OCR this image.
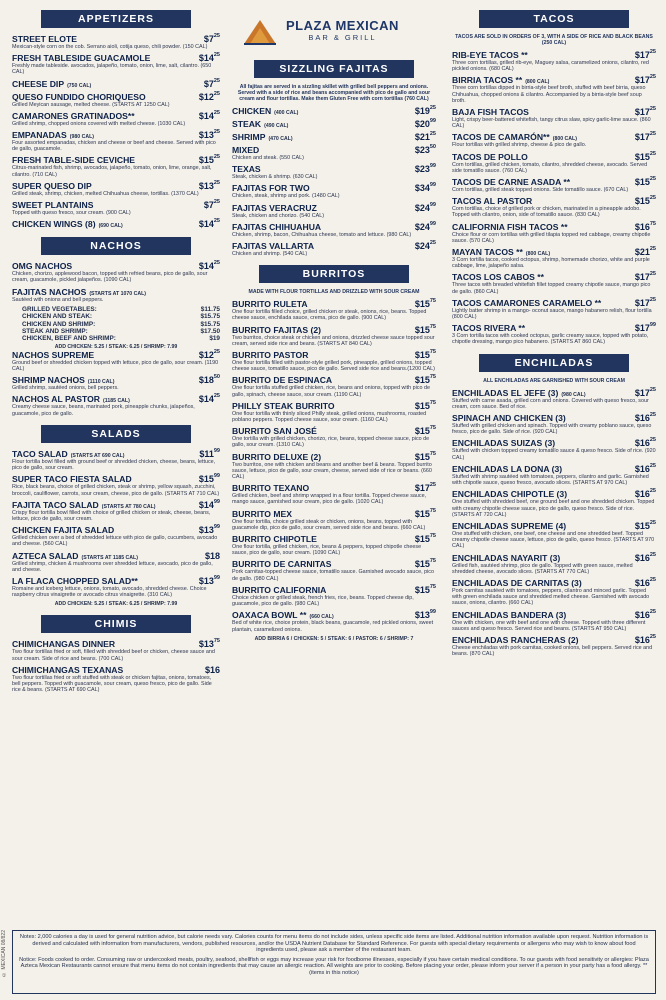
APPETIZERS
STREET ELOTE	$\$7^{25}$
Mexican-style corn on the cob. Serrano aioli, cotija queso, chili powder. (150 CAL)
FRESH TABLESIDE GUACAMOLE	$\$14^{25}$
Freshly made tableside. avocados, jalapeño, tomato, onion, lime, salt, cilantro. (650 CAL)
CHEESE DIP (750 CAL)	$\$7^{25}$
QUESO FUNDIDO CHORIQUESO	$\$12^{25}$
Grilled Meyican sausage, melted cheese. (STARTS AT 1250 CAL)
CAMARONES GRATINADOS**	$\$14^{25}$
Grilled shrimp, chopped onions covered with melted cheese. (1030 CAL)
EMPANADAS (980 CAL)	$\$13^{25}$
Four assorted empanadas, chicken and cheese or beef and cheese. Served with pico de gallo, guacamole.
FRESH TABLE-SIDE CEVICHE	$\$15^{25}$
Citrus-marinated fish, shrimp, avocados, jalapeño, tomato, onion, lime, orange, salt, cilantro. (710 CAL)
SUPER QUESO DIP	$\$13^{25}$
Grilled steak, shrimp, chicken, melted Chihuahua cheese, tortillas. (1370 CAL)
SWEET PLANTAINS	$\$7^{25}$
Topped with queso fresco, sour cream. (900 CAL)
CHICKEN WINGS (8) (690 CAL)	$\$14^{25}$
NACHOS
OMG NACHOS	$\$14^{25}$
Chicken, chorizo, applewood bacon, topped with refried beans, pico de gallo, sour cream, guacamole, pickled jalapeños. (1090 CAL)
FAJITAS NACHOS (STARTS AT 1070 CAL)
Sautéed with onions and bell peppers.
GRILLED VEGETABLES:	$11.75
CHICKEN AND STEAK:	$15.75
CHICKEN AND SHRIMP:	$15.75
STEAK AND SHRIMP:	$17.50
CHICKEN, BEEF AND SHRIMP:	$19
ADD CHICKEN: 5.25 / STEAK: 6.25 / SHRIMP: 7.99
NACHOS SUPREME	$\$12^{25}$
Ground beef or shredded chicken topped with lettuce, pico de gallo, sour cream. (1190 CAL)
SHRIMP NACHOS (1110 CAL)	$\$18^{50}$
Grilled shrimp, sautéed onions, bell peppers.
NACHOS AL PASTOR (1185 CAL)	$\$14^{25}$
Creamy cheese sauce, beans, marinated pork, pineapple chunks, jalapeños, guacamole, pico de gallo.
SALADS
TACO SALAD (STARTS AT 690 CAL)	$\$11^{99}$
Flour tortilla bowl filled with ground beef or shredded chicken, cheese, beans, lettuce, pico de gallo, sour cream.
SUPER TACO FIESTA SALAD	$\$15^{99}$
Rice, black beans, choice of grilled chicken, steak or shrimp, yellow squash, zucchini, broccoli, cauliflower, carrots, sour cream, cheese, pico de gallo. (STARTS AT 710 CAL)
FAJITA TACO SALAD (STARTS AT 780 CAL)	$\$14^{99}$
Crispy flour tortilla bowl filled with choice of grilled chicken or steak, cheese, beans, lettuce, pico de gallo, sour cream.
CHICKEN FAJITA SALAD	$\$13^{99}$
Grilled chicken over a bed of shredded lettuce with pico de gallo, cucumbers, avocado and cheese. (560 CAL)
AZTECA SALAD (STARTS AT 1185 CAL)	$18
Grilled shrimp, chicken & mushrooms over shredded lettuce, avocado, pico de gallo, and cheese.
LA FLACA CHOPPED SALAD**	$\$13^{99}$
Romaine and iceberg lettuce, onions, tomato, avocado, shredded cheese. Choice raspberry citrus vinaigrette or avocado citrus vinaigrette. (310 CAL)
ADD CHICKEN: 5.25 / STEAK: 6.25 / SHRIMP: 7.99
CHIMIS
CHIMICHANGAS DINNER	$\$13^{75}$
Two flour tortillas fried or soft, filled with shredded beef or chicken, cheese sauce and sour cream. Side of rice and beans. (700 CAL)
CHIMICHANGAS TEXANAS	$16
Two flour tortillas fried or soft stuffed with steak or chicken fajitas, onions, tomatoes, bell peppers. Topped with guacamole, sour cream, queso fresco, pico de gallo. Side rice & beans. (STARTS AT 690 CAL)
PLAZA MEXICAN
BAR & GRILL
SIZZLING FAJITAS
All fajitas are served in a sizzling skillet with grilled bell peppers and onions. Served with a side of rice and beans accompanied with pico de gallo and sour cream and flour tortillas. Make them Gluten Free with corn tortillas (760 CAL)
CHICKEN (400 CAL)	$\$19^{25}$
STEAK (490 CAL)	$\$20^{99}$
SHRIMP (470 CAL)	$\$21^{25}$
MIXED	$\$23^{50}$
Chicken and steak. (550 CAL)
TEXAS	$\$23^{99}$
Steak, chicken & shrimp. (630 CAL)
FAJITAS FOR TWO	$\$34^{99}$
Chicken, steak, shrimp and pork. (1480 CAL)
FAJITAS VERACRUZ	$\$24^{99}$
Steak, chicken and chorizo. (540 CAL)
FAJITAS CHIHUAHUA	$\$24^{99}$
Chicken, shrimp, bacon, Chihuahua cheese, tomato and lettuce. (980 CAL)
FAJITAS VALLARTA	$\$24^{25}$
Chicken and shrimp. (540 CAL)
BURRITOS
MADE WITH FLOUR TORTILLAS AND DRIZZLED WITH SOUR CREAM
BURRITO RULETA	$\$15^{75}$
One flour tortilla filled choice, grilled chicken or steak, onions, rice, beans. Topped cheese sauce, enchilada sauce, crema, pico de gallo. (900 CAL)
BURRITO FAJITAS (2)	$\$15^{75}$
Two burritos, choice steak or chicken and onions, drizzled cheese sauce topped sour cream, served side rice and beans. (STARTS AT 840 CAL)
BURRITO PASTOR	$\$15^{75}$
One flour tortilla filled with pastor-style grilled pork, pineapple, grilled onions, topped cheese sauce, tomatillo sauce, pico de gallo. Served side rice and beans.(1200 CAL)
BURRITO DE ESPINACA	$\$15^{75}$
One flour tortilla stuffed grilled chicken, rice, beans and onions, topped with pico de gallo, spinach, cheese sauce, sour cream. (1190 CAL)
PHILLY STEAK BURRITO	$\$15^{75}$
One flour tortilla with thinly sliced Philly steak, grilled onions, mushrooms, roasted poblano peppers. Topped cheese sauce, sour cream. (1160 CAL)
BURRITO SAN JOSÉ	$\$15^{75}$
One tortilla with grilled chicken, chorizo, rice, beans, topped cheese sauce, pico de gallo, sour cream. (1310 CAL)
BURRITO DELUXE (2)	$\$15^{75}$
Two burritos, one with chicken and beans and another beef & beans. Topped burrito sauce, lettuce, pico de gallo, sour cream, cheese, served side of rice or beans. (660 CAL)
BURRITO TEXANO	$\$17^{25}$
Grilled chicken, beef and shrimp wrapped in a flour tortilla. Topped cheese sauce, mango sauce, garnished sour cream, pico de gallo. (1020 CAL)
BURRITO MEX	$\$15^{75}$
One flour tortilla, choice grilled steak or chicken, onions, beans, topped with guacamole dip, pico de gallo, sour cream, served side rice and beans. (660 CAL)
BURRITO CHIPOTLE	$\$15^{75}$
One flour tortilla, grilled chicken, rice, beans & peppers, topped chipotle cheese sauce, pico de gallo, sour cream. (1090 CAL)
BURRITO DE CARNITAS	$\$15^{75}$
Pork carnitas-topped cheese sauce, tomatillo sauce. Garnished avocado sauce, pico de gallo. (980 CAL)
BURRITO CALIFORNIA	$\$15^{75}$
Choice chicken or grilled steak, french fries, rice, beans. Topped cheese dip, guacamole, pico de gallo. (980 CAL)
OAXACA BOWL ** (660 CAL)	$\$13^{99}$
Bed of white rice, choice protein, black beans, guacamole, red pickled onions, sweet plantain, caramelized onions.
ADD BIRRIA 6 / CHICKEN: 5 / STEAK: 6 / PASTOR: 6 / SHRIMP: 7
TACOS
TACOS ARE SOLD IN ORDERS OF 3, WITH A SIDE OF RICE AND BLACK BEANS (250 CAL)
RIB-EYE TACOS **	$\$17^{25}$
Three corn tortillas, grilled rib-eye, Maguey salsa, caramelized onions, cilantro, red pickled onions. (680 CAL)
BIRRIA TACOS ** (800 CAL)	$\$17^{25}$
Three corn tortillas dipped in birria-style beef broth, stuffed with beef birria, queso Chihuahua, chopped onions & cilantro. Accompanied by a birria-style beef soup broth.
BAJA FISH TACOS	$\$17^{25}$
Light, crispy beer-battered whitefish, tangy citrus slaw, spicy garlic-lime sauce. (860 CAL)
TACOS DE CAMARÓN** (800 CAL)	$\$17^{25}$
Flour tortillas with grilled shrimp, cheese & pico de gallo.
TACOS DE POLLO	$\$15^{25}$
Corn tortillas, grilled chicken, tomato, cilantro, shredded cheese, avocado. Served side tomatillo sauce. (760 CAL)
TACOS DE CARNE ASADA **	$\$15^{25}$
Corn tortillas, grilled steak topped onions. Side tomatillo sauce. (670 CAL)
TACOS AL PASTOR	$\$15^{25}$
Corn tortillas, choice of grilled pork or chicken, marinated in a pineapple adobo. Topped with cilantro, onion, side of tomatillo sauce. (830 CAL)
CALIFORNIA FISH TACOS **	$\$16^{75}$
Choice flour or corn tortillas with grilled tilapia topped red cabbage, creamy chipotle sauce. (570 CAL)
MAYAN TACOS ** (800 CAL)	$\$21^{25}$
3 Corn tortilla tacos, cooked octopus, shrimp, homemade chorizo, white and purple cabbage, lime, jalapeño salsa.
TACOS LOS CABOS **	$\$17^{25}$
Three tacos with breaded whitefish fillet topped creamy chipotle sauce, mango pico de gallo. (860 CAL)
TACOS CAMARONES CARAMELO **	$\$17^{25}$
Lightly batter shrimp in a mango- oconut sauce, mango habanero relish, flour tortilla (800 CAL)
TACOS RIVERA **	$\$17^{99}$
3 Corn tortilla tacos with cooked octopus, garlic creamy sauce, topped with potato, chipotle dressing, mango pico habanero. (STARTS AT 860 CAL)
ENCHILADAS
ALL ENCHILADAS ARE GARNISHED WITH SOUR CREAM
ENCHILADAS EL JEFE (3) (980 CAL)	$\$17^{25}$
Stuffed with carne asada, grilled corn and onions. Covered with queso fresco, sour cream, corn sauce. Bed of rice.
SPINACH AND CHICKEN (3)	$\$16^{25}$
Stuffed with grilled chicken and spinach. Topped with creamy poblano sauce, queso fresco, pico de gallo. Side of rice. (920 CAL)
ENCHILADAS SUIZAS (3)	$\$16^{25}$
Stuffed with chicken topped creamy tomatillo sauce & queso fresco. Side of rice. (920 CAL)
ENCHILADAS LA DONA (3)	$\$16^{25}$
Stuffed with shrimp sautéed with tomatoes, peppers, cilantro and garlic. Garnished with chipotle sauce, queso fresco, avocado slices. (STARTS AT 970 CAL)
ENCHILADAS CHIPOTLE (3)	$\$16^{25}$
One stuffed with shredded beef, one ground beef and one shredded chicken. Topped with creamy chipotle cheese sauce, pico de gallo, queso fresco. Side of rice. (STARTS AT 720 CAL)
ENCHILADAS SUPREME (4)	$\$15^{25}$
One stuffed with chicken, one beef, one cheese and one shredded beef. Topped creamy chipotle cheese sauce, lettuce, pico de gallo, queso fresco. (STARTS AT 970 CAL)
ENCHILADAS NAYARIT (3)	$\$16^{25}$
Grilled fish, sautéed shrimp, pico de gallo. Topped with green sauce, melted shredded cheese, avocado slices. (STARTS AT 770 CAL)
ENCHILADAS DE CARNITAS (3)	$\$16^{25}$
Pork carnitas sautéed with tomatoes, peppers, cilantro and minced garlic. Topped with green enchilada sauce and shredded melted cheese. Garnished with avocado sauce, onions, cilantro. (660 CAL)
ENCHILADAS BANDERA (3)	$\$16^{25}$
One with chicken, one with beef and one with cheese. Topped with three different sauces and queso fresco. Served rice and beans. (STARTS AT 950 CAL)
ENCHILADAS RANCHERAS (2)	$\$16^{25}$
Cheese enchiladas with pork carnitas, cooked onions, bell peppers. Served rice and beans. (870 CAL)
© MEXICAN 08/822 Notes: 2,000 calories a day is used for general nutrition advice, but calorie needs vary. Calories counts for menu items do not include sides, unless specific side items are listed. Additional nutrition information available upon request. Nutrition information is derived and calculated with information from manufacturers, vendors, published resources, and/or the USDA Nutrient Database for Standard Reference. For guests with special dietary requirements or allergens who may wish to know about food ingredients used, please ask a member of the restaurant team.

Notice: Foods cooked to order. Consuming raw or undercooked meats, poultry, seafood, shellfish or eggs may increase your risk for foodborne illnesses, especially if you have certain medical conditions. To our guests with food sensitivity or allergies: Plaza Azteca Mexican Restaurants cannot ensure that menu items do not contain ingredients that may cause an allergic reaction. All weights are prior to cooking. Before placing your order, please inform your server if a person in your party has a food allergy. **(items in this notice)
